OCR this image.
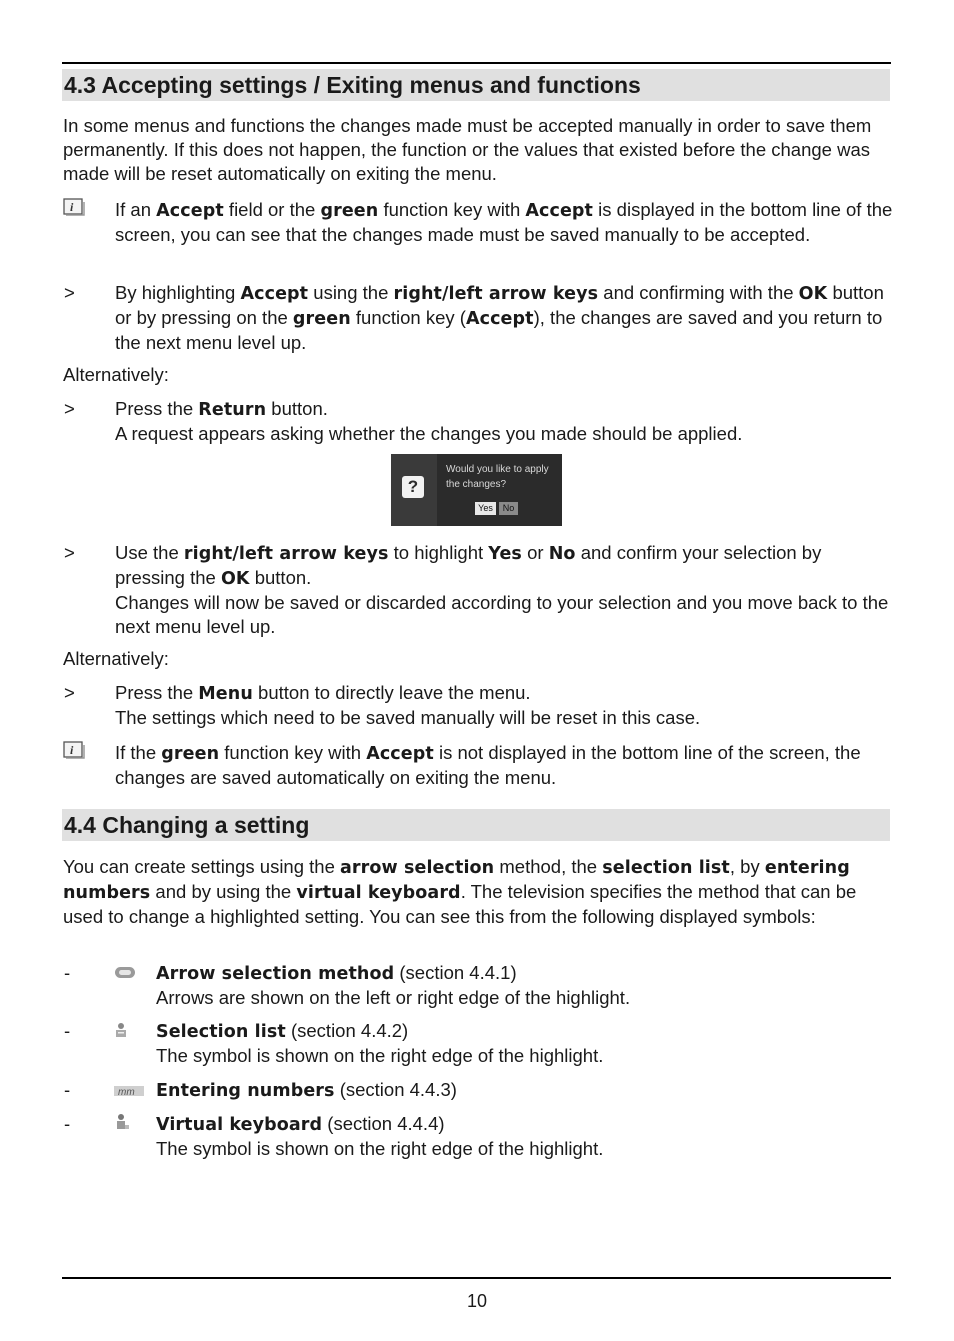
4.3 Accepting settings / Exiting menus and functions

In some menus and functions the changes made must be accepted manually in order to save them permanently. If this does not happen, the function or the values that existed before the change was made will be reset automatically on exiting the menu.

i If an Accept field or the green function key with Accept is displayed in the bottom line of the screen, you can see that the changes made must be saved manually to be accepted.

> By highlighting Accept using the right/left arrow keys and confirming with the OK button or by pressing on the green function key (Accept), the changes are saved and you return to the next menu level up.

Alternatively:

> Press the Return button.
A request appears asking whether the changes you made should be applied.

?
Would you like to apply the changes?
Yes	No
> Use the right/left arrow keys to highlight Yes or No and confirm your selection by pressing the OK button.
Changes will now be saved or discarded according to your selection and you move back to the next menu level up.

Alternatively:

> Press the Menu button to directly leave the menu.
The settings which need to be saved manually will be reset in this case.

i If the green function key with Accept is not displayed in the bottom line of the screen, the changes are saved automatically on exiting the menu.

4.4 Changing a setting

You can create settings using the arrow selection method, the selection list, by entering numbers and by using the virtual keyboard. The television specifies the method that can be used to change a highlighted setting. You can see this from the following displayed symbols:

-	Arrow selection method (section 4.4.1)
Arrows are shown on the left or right edge of the highlight.

-	Selection list (section 4.4.2)
The symbol is shown on the right edge of the highlight.

-	mm Entering numbers (section 4.4.3)

-	Virtual keyboard (section 4.4.4)
The symbol is shown on the right edge of the highlight.

10
